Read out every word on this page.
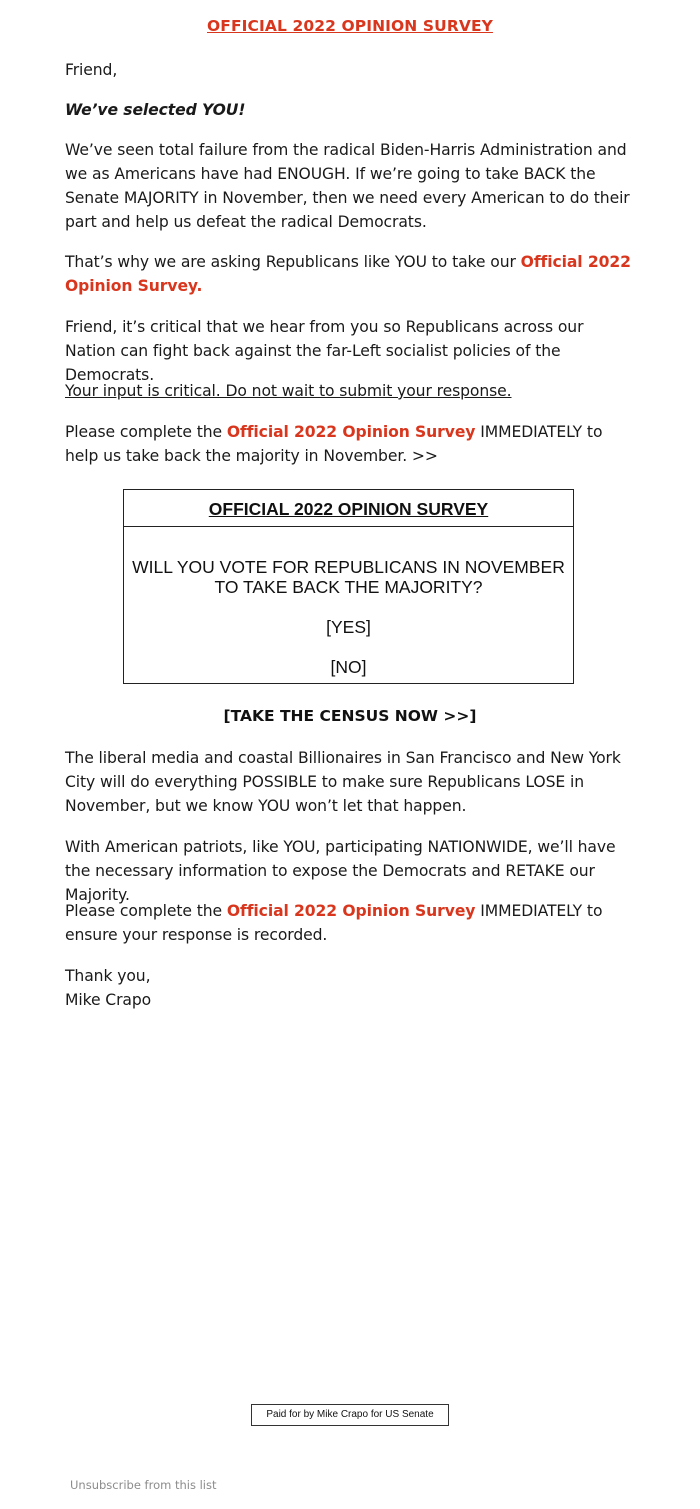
OFFICIAL 2022 OPINION SURVEY

Friend,

We’ve selected YOU!

We’ve seen total failure from the radical Biden-Harris Administration and we as Americans have had ENOUGH. If we’re going to take BACK the Senate MAJORITY in November, then we need every American to do their part and help us defeat the radical Democrats.

That’s why we are asking Republicans like YOU to take our Official 2022 Opinion Survey.

Friend, it’s critical that we hear from you so Republicans across our Nation can fight back against the far-Left socialist policies of the Democrats.

Your input is critical. Do not wait to submit your response.

Please complete the Official 2022 Opinion Survey IMMEDIATELY to help us take back the majority in November. >>

The liberal media and coastal Billionaires in San Francisco and New York City will do everything POSSIBLE to make sure Republicans LOSE in November, but we know YOU won’t let that happen.

With American patriots, like YOU, participating NATIONWIDE, we’ll have the necessary information to expose the Democrats and RETAKE our Majority.

Please complete the Official 2022 Opinion Survey IMMEDIATELY to ensure your response is recorded.

Thank you,

Mike Crapo

OFFICIAL 2022 OPINION SURVEY
WILL YOU VOTE FOR REPUBLICANS IN NOVEMBER TO TAKE BACK THE MAJORITY?
[YES]
[NO]
[TAKE THE CENSUS NOW >>]
Paid for by Mike Crapo for US Senate
Unsubscribe from this list
